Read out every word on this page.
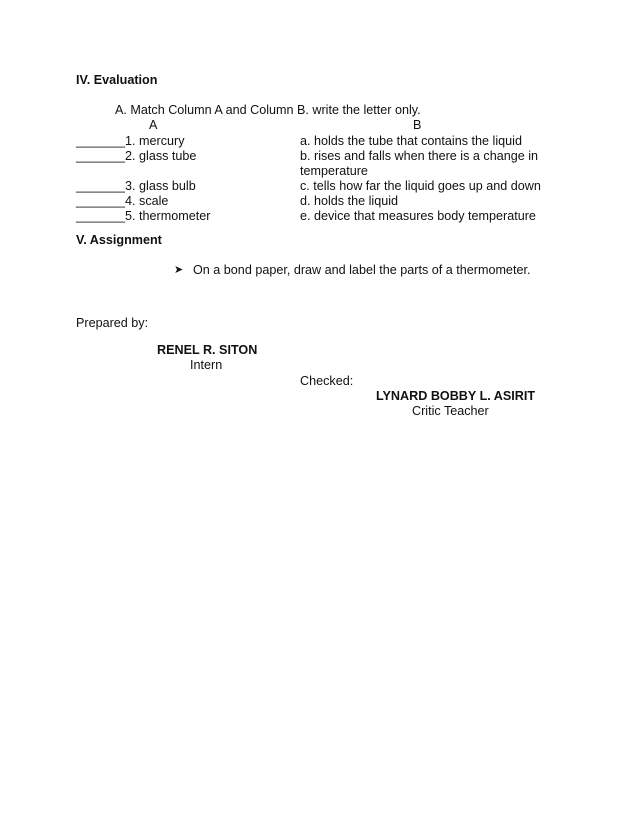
IV. Evaluation
A. Match Column A and Column B. write the letter only.
A	B
_______1. mercury
_______2. glass tube
_______3. glass bulb
_______4. scale
_______5. thermometer
a. holds the tube that contains the liquid
b. rises and falls when there is a change in
temperature
c. tells how far the liquid goes up and down
d. holds the liquid
e. device that measures body temperature
V. Assignment
➤ On a bond paper, draw and label the parts of a thermometer.
Prepared by:
RENEL R. SITON
Intern
Checked:
LYNARD BOBBY L. ASIRIT
Critic Teacher
